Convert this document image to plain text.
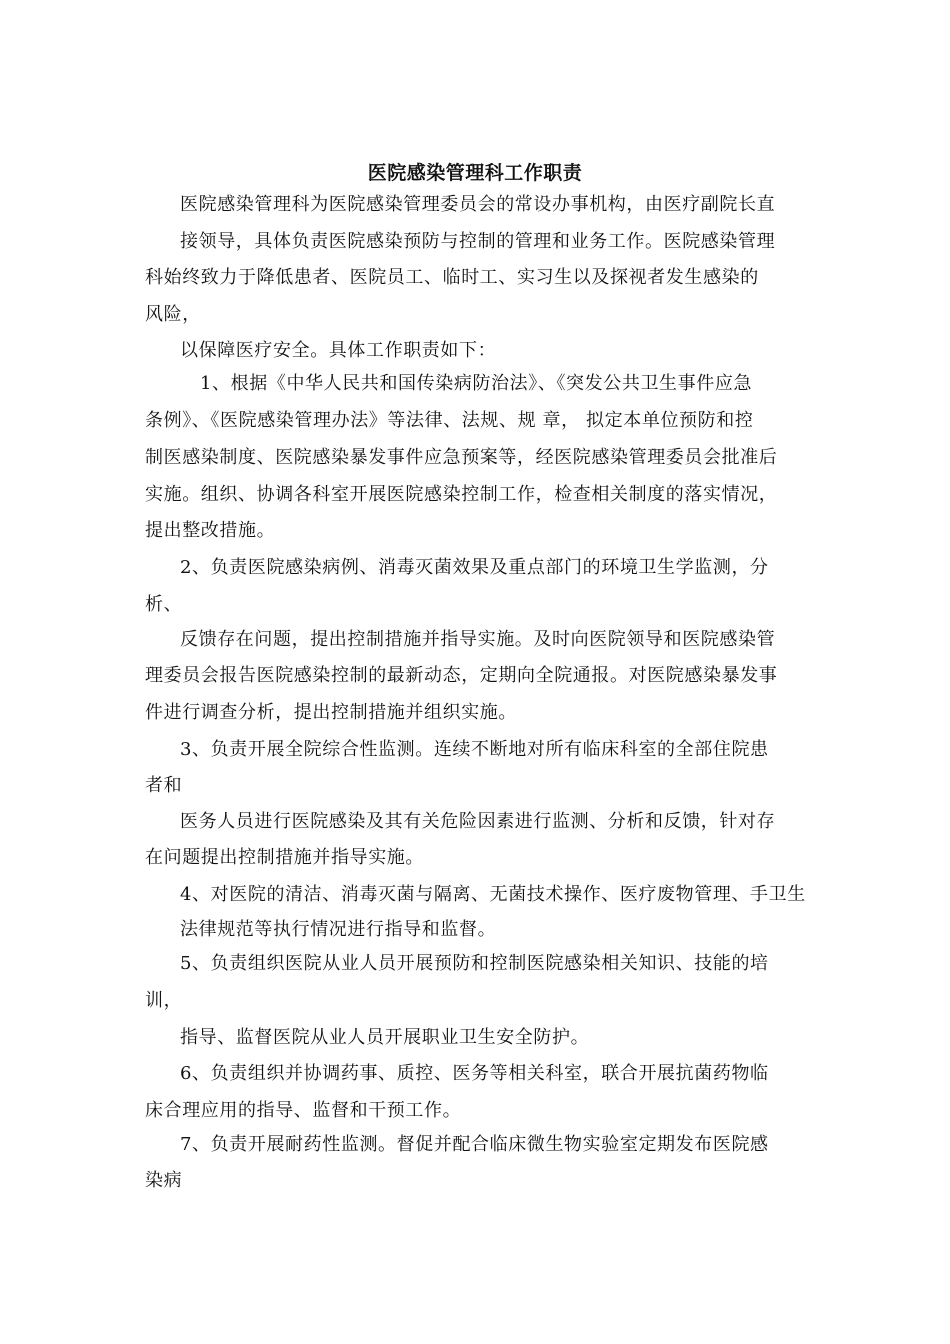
医院感染管理科工作职责
医院感染管理科为医院感染管理委员会的常设办事机构，由医疗副院长直
接领导，具体负责医院感染预防与控制的管理和业务工作。医院感染管理
科始终致力于降低患者、医院员工、临时工、实习生以及探视者发生感染的
风险，
以保障医疗安全。具体工作职责如下：
1、根据《中华人民共和国传染病防治法》、《突发公共卫生事件应急
条例》、《医院感染管理办法》等法律、法规、规 章， 拟定本单位预防和控
制医感染制度、医院感染暴发事件应急预案等，经医院感染管理委员会批准后
实施。组织、协调各科室开展医院感染控制工作，检查相关制度的落实情况，
提出整改措施。
2、负责医院感染病例、消毒灭菌效果及重点部门的环境卫生学监测，分
析、
反馈存在问题，提出控制措施并指导实施。及时向医院领导和医院感染管
理委员会报告医院感染控制的最新动态，定期向全院通报。对医院感染暴发事
件进行调查分析，提出控制措施并组织实施。
3、负责开展全院综合性监测。连续不断地对所有临床科室的全部住院患
者和
医务人员进行医院感染及其有关危险因素进行监测、分析和反馈，针对存
在问题提出控制措施并指导实施。
4、对医院的清洁、消毒灭菌与隔离、无菌技术操作、医疗废物管理、手卫生
法律规范等执行情况进行指导和监督。
5、负责组织医院从业人员开展预防和控制医院感染相关知识、技能的培
训，
指导、监督医院从业人员开展职业卫生安全防护。
6、负责组织并协调药事、质控、医务等相关科室，联合开展抗菌药物临
床合理应用的指导、监督和干预工作。
7、负责开展耐药性监测。督促并配合临床微生物实验室定期发布医院感
染病
